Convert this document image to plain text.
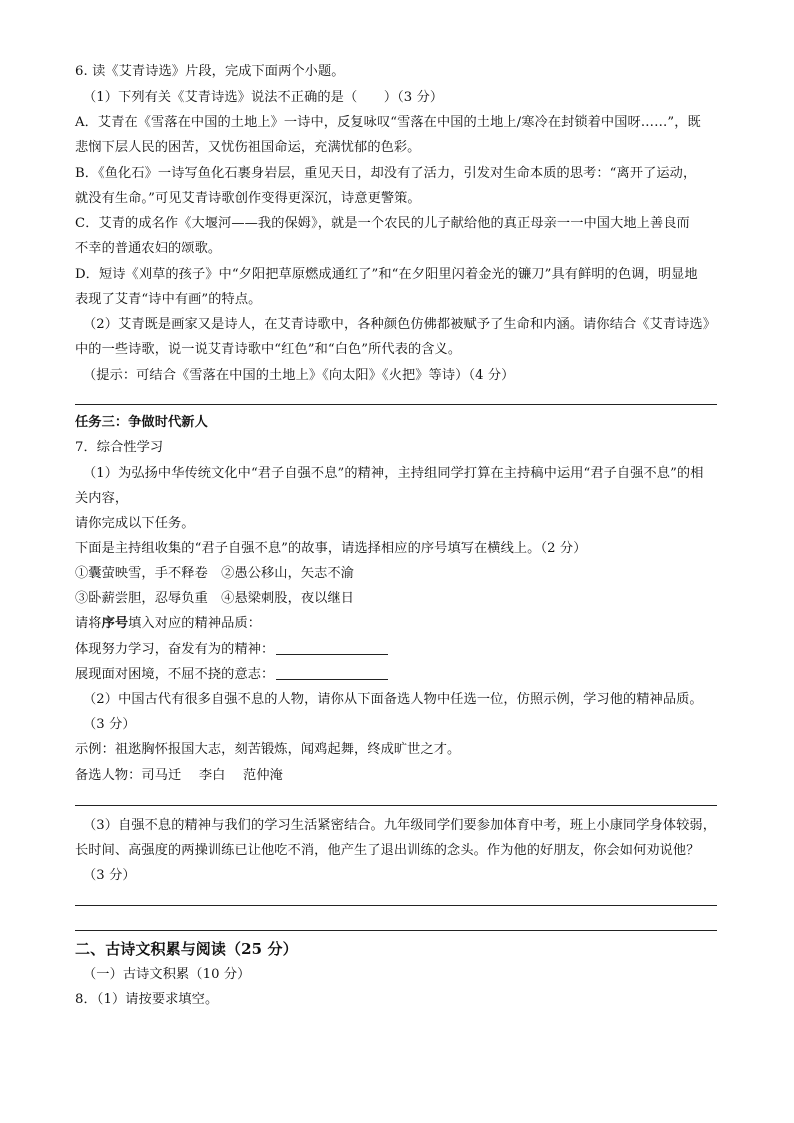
6. 读《艾青诗选》片段，完成下面两个小题。
（1）下列有关《艾青诗选》说法不正确的是（　　）（3 分）
A．艾青在《雪落在中国的土地上》一诗中，反复咏叹“雪落在中国的土地上/寒冷在封锁着中国呀……”，既
悲悯下层人民的困苦，又忧伤祖国命运，充满忧郁的色彩。
B．《鱼化石》一诗写鱼化石裹身岩层，重见天日，却没有了活力，引发对生命本质的思考：“离开了运动，
就没有生命。”可见艾青诗歌创作变得更深沉，诗意更警策。
C．艾青的成名作《大堰河——我的保姆》，就是一个农民的儿子献给他的真正母亲一一中国大地上善良而
不幸的普通农妇的颂歌。
D．短诗《刈草的孩子》中“夕阳把草原燃成通红了”和“在夕阳里闪着金光的镰刀”具有鲜明的色调，明显地
表现了艾青“诗中有画”的特点。
（2）艾青既是画家又是诗人，在艾青诗歌中，各种颜色仿佛都被赋予了生命和内涵。请你结合《艾青诗选》
中的一些诗歌，说一说艾青诗歌中“红色”和“白色”所代表的含义。
（提示：可结合《雪落在中国的土地上》《向太阳》《火把》等诗）（4 分）
任务三：争做时代新人
7．综合性学习
（1）为弘扬中华传统文化中“君子自强不息”的精神，主持组同学打算在主持稿中运用“君子自强不息”的相
关内容，
请你完成以下任务。
下面是主持组收集的“君子自强不息”的故事，请选择相应的序号填写在横线上。（2 分）
①囊萤映雪，手不释卷　②愚公移山，矢志不渝
③卧薪尝胆，忍辱负重　④悬梁刺股，夜以继日
请将序号填入对应的精神品质：
体现努力学习，奋发有为的精神：
展现面对困境，不屈不挠的意志：
（2）中国古代有很多自强不息的人物，请你从下面备选人物中任选一位，仿照示例，学习他的精神品质。
（3 分）
示例：祖逖胸怀报国大志，刻苦锻炼，闻鸡起舞，终成旷世之才。
备选人物：司马迁　 李白　 范仲淹
（3）自强不息的精神与我们的学习生活紧密结合。九年级同学们要参加体育中考，班上小康同学身体较弱，
长时间、高强度的两操训练已让他吃不消，他产生了退出训练的念头。作为他的好朋友，你会如何劝说他？
（3 分）
二、古诗文积累与阅读（25 分）
（一）古诗文积累（10 分）
8．（1）请按要求填空。
